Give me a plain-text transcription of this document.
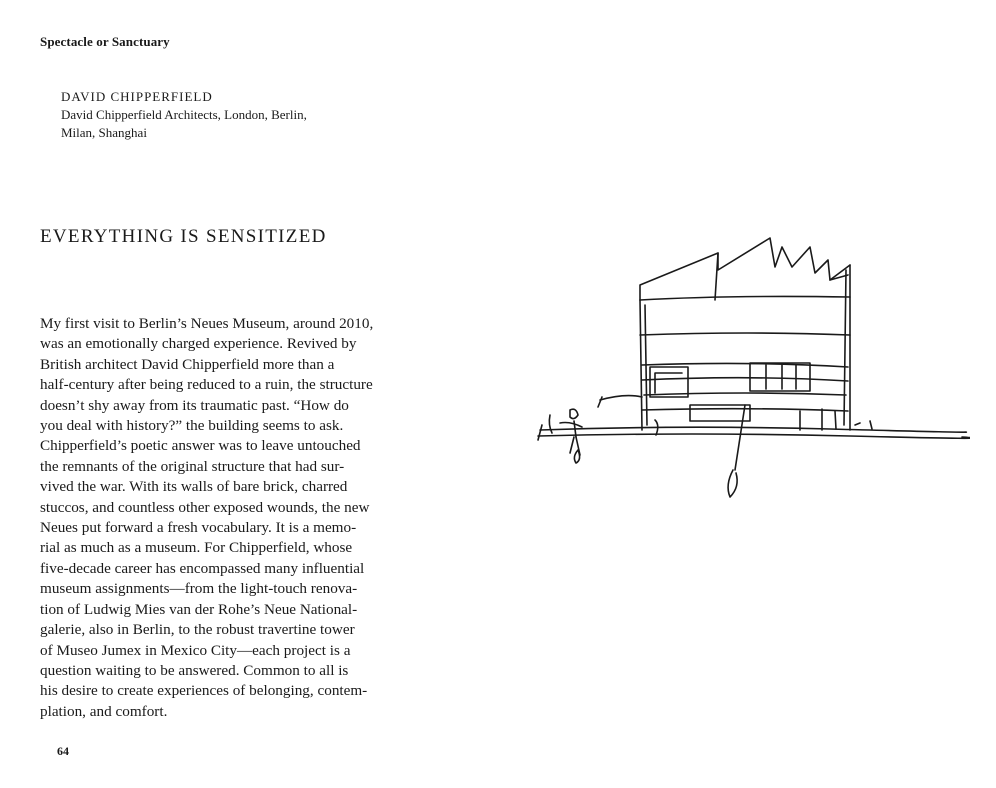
Spectacle or Sanctuary
DAVID CHIPPERFIELD
David Chipperfield Architects, London, Berlin,
Milan, Shanghai
EVERYTHING IS SENSITIZED
My first visit to Berlin’s Neues Museum, around 2010,
was an emotionally charged experience. Revived by
British architect David Chipperfield more than a
half-century after being reduced to a ruin, the structure
doesn’t shy away from its traumatic past. “How do
you deal with history?” the building seems to ask.
Chipperfield’s poetic answer was to leave untouched
the remnants of the original structure that had sur-
vived the war. With its walls of bare brick, charred
stuccos, and countless other exposed wounds, the new
Neues put forward a fresh vocabulary. It is a memo-
rial as much as a museum. For Chipperfield, whose
five-decade career has encompassed many influential
museum assignments—from the light-touch renova-
tion of Ludwig Mies van der Rohe’s Neue National-
galerie, also in Berlin, to the robust travertine tower
of Museo Jumex in Mexico City—each project is a
question waiting to be answered. Common to all is
his desire to create experiences of belonging, contem-
plation, and comfort.
64
